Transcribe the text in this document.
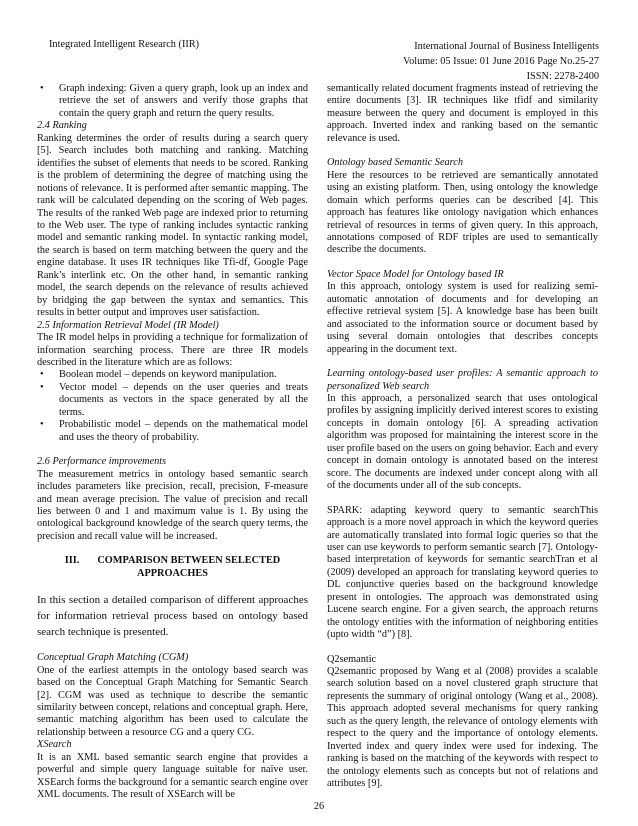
Integrated Intelligent Research (IIR)	International Journal of Business Intelligents
Volume: 05 Issue: 01 June 2016 Page No.25-27
ISSN: 2278-2400
• Graph indexing: Given a query graph, look up an index and retrieve the set of answers and verify those graphs that contain the query graph and return the query results.

2.4 Ranking

Ranking determines the order of results during a search query [5]. Search includes both matching and ranking. Matching identifies the subset of elements that needs to be scored. Ranking is the problem of determining the degree of matching using the notions of relevance. It is performed after semantic mapping. The rank will be calculated depending on the scoring of Web pages. The results of the ranked Web page are indexed prior to returning to the Web user. The type of ranking includes syntactic ranking model and semantic ranking model. In syntactic ranking model, the search is based on term matching between the query and the engine database. It uses IR techniques like Tfi-df, Google Page Rank’s interlink etc. On the other hand, in semantic ranking model, the search depends on the relevance of results achieved by bridging the gap between the syntax and semantics. This results in better output and improves user satisfaction.

2.5 Information Retrieval Model (IR Model)

The IR model helps in providing a technique for formalization of information searching process. There are three IR models described in the literature which are as follows:

• Boolean model – depends on keyword manipulation.
• Vector model – depends on the user queries and treats documents as vectors in the space generated by all the terms.
• Probabilistic model – depends on the mathematical model and uses the theory of probability.

2.6 Performance improvements

The measurement metrics in ontology based semantic search includes parameters like precision, recall, precision, F-measure and mean average precision. The value of precision and recall lies between 0 and 1 and maximum value is 1. By using the ontological background knowledge of the search query terms, the precision and recall value will be increased.

III. COMPARISON BETWEEN SELECTED APPROACHES

In this section a detailed comparison of different approaches for information retrieval process based on ontology based search technique is presented.

Conceptual Graph Matching (CGM)

One of the earliest attempts in the ontology based search was based on the Conceptual Graph Matching for Semantic Search [2]. CGM was used as technique to describe the semantic similarity between concept, relations and conceptual graph. Here, semantic matching algorithm has been used to calculate the relationship between a resource CG and a query CG.

XSearch

It is an XML based semantic search engine that provides a powerful and simple query language suitable for naïve user. XSEarch forms the background for a semantic search engine over XML documents. The result of XSEarch will be

semantically related document fragments instead of retrieving the entire documents [3]. IR techniques like tfidf and similarity measure between the query and document is employed in this approach. Inverted index and ranking based on the semantic relevance is used.

Ontology based Semantic Search

Here the resources to be retrieved are semantically annotated using an existing platform. Then, using ontology the knowledge domain which performs queries can be described [4]. This approach has features like ontology navigation which enhances retrieval of resources in terms of given query. In this approach, annotations composed of RDF triples are used to semantically describe the documents.

Vector Space Model for Ontology based IR

In this approach, ontology system is used for realizing semi-automatic annotation of documents and for developing an effective retrieval system [5]. A knowledge base has been built and associated to the information source or document based by using several domain ontologies that describes concepts appearing in the document text.

Learning ontology-based user profiles: A semantic approach to personalized Web search

In this approach, a personalized search that uses ontological profiles by assigning implicitly derived interest scores to existing concepts in domain ontology [6]. A spreading activation algorithm was proposed for maintaining the interest score in the user profile based on the users on going behavior. Each and every concept in domain ontology is annotated based on the interest score. The documents are indexed under concept along with all of the documents under all of the sub concepts.

SPARK: adapting keyword query to semantic searchThis approach is a more novel approach in which the keyword queries are automatically translated into formal logic queries so that the user can use keywords to perform semantic search [7]. Ontology-based interpretation of keywords for semantic searchTran et al (2009) developed an approach for translating keyword queries to DL conjunctive queries based on the background knowledge present in ontologies. The approach was demonstrated using Lucene search engine. For a given search, the approach returns the ontology entities with the information of neighboring entities (upto width “d”) [8].

Q2semantic

Q2semantic proposed by Wang et al (2008) provides a scalable search solution based on a novel clustered graph structure that represents the summary of original ontology (Wang et al., 2008). This approach adopted several mechanisms for query ranking such as the query length, the relevance of ontology elements with respect to the query and the importance of ontology elements. Inverted index and query index were used for indexing. The ranking is based on the matching of the keywords with respect to the ontology elements such as concepts but not of relations and attributes [9].

26
